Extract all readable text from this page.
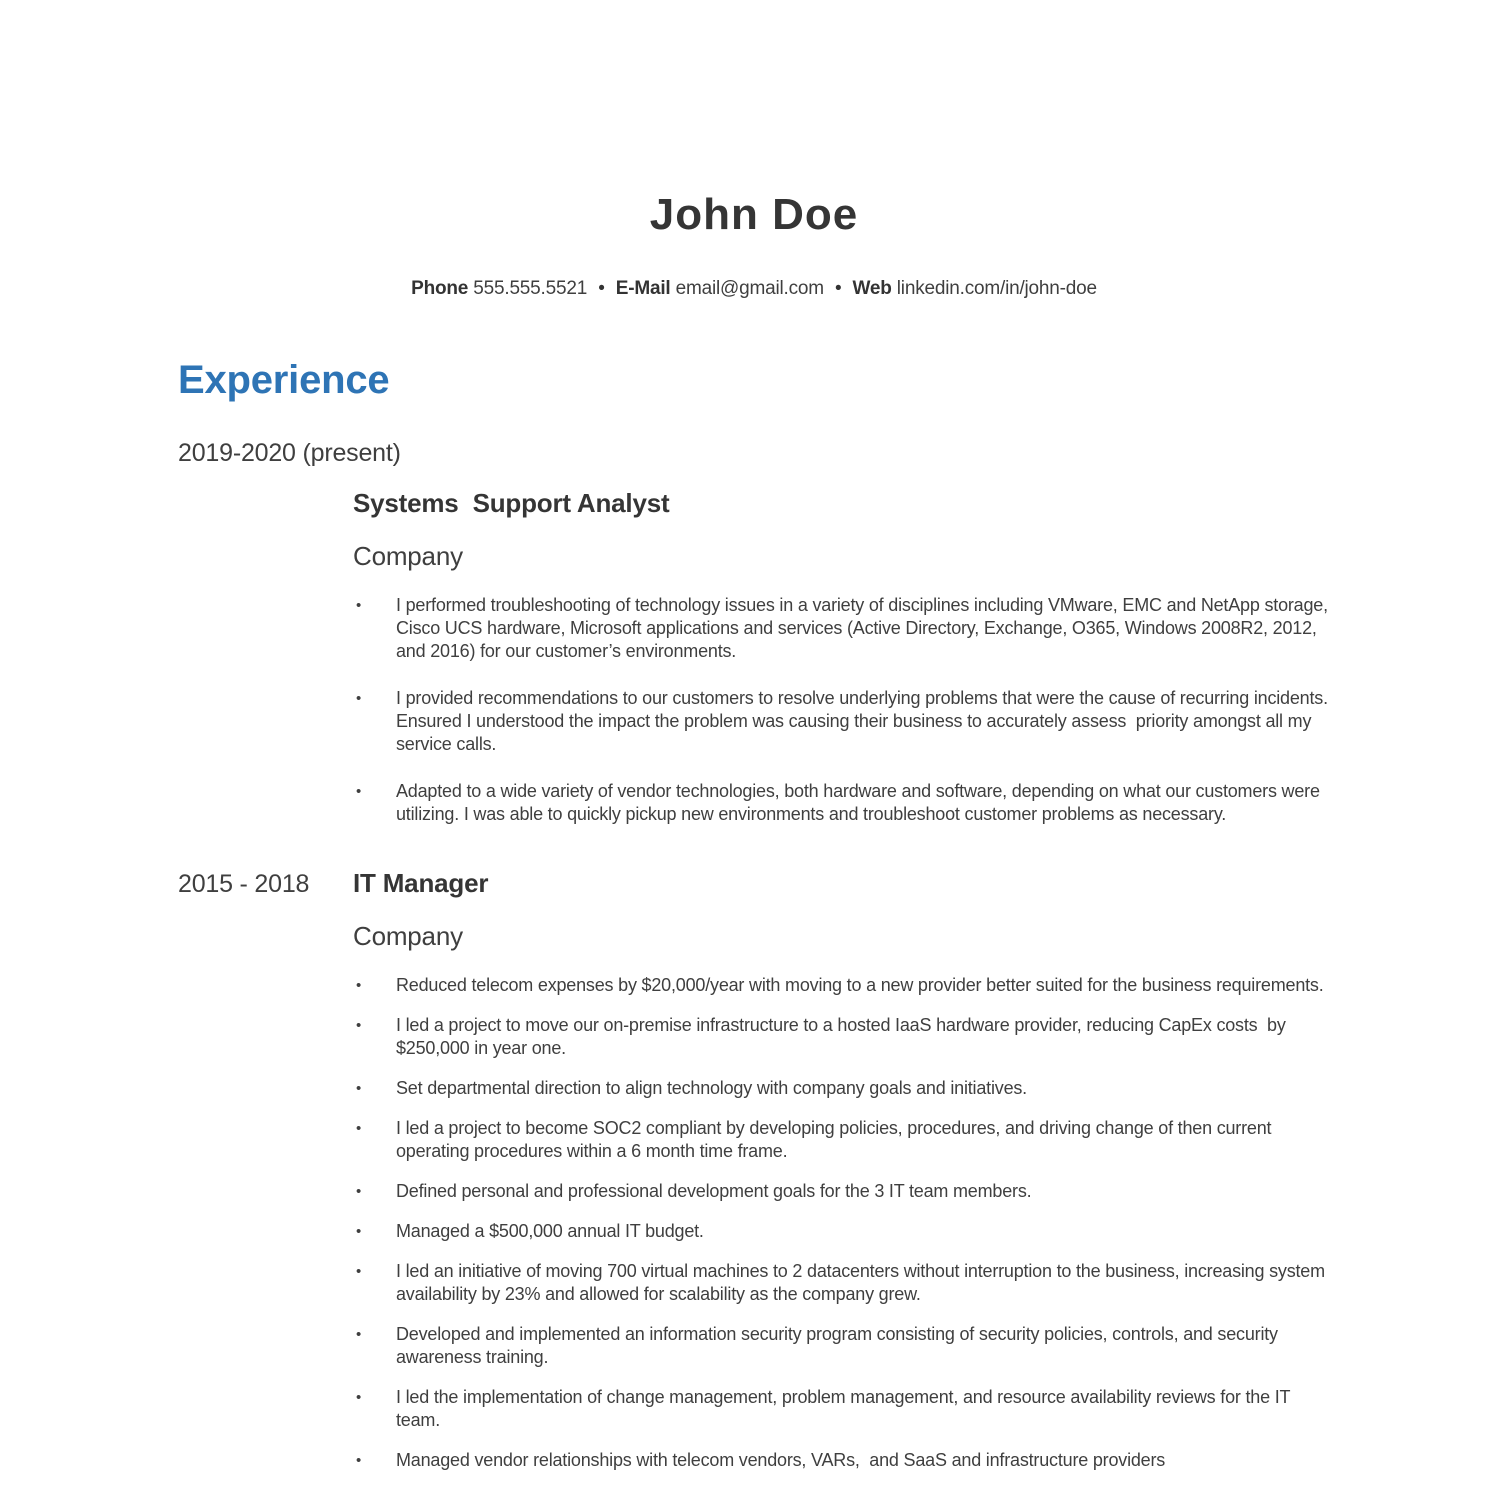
John Doe

Phone 555.555.5521 • E-Mail email@gmail.com • Web linkedin.com/in/john-doe

Experience
2019-2020 (present)
Systems  Support Analyst
Company
•	I performed troubleshooting of technology issues in a variety of disciplines including VMware, EMC and NetApp storage, Cisco UCS hardware, Microsoft applications and services (Active Directory, Exchange, O365, Windows 2008R2, 2012, and 2016) for our customer’s environments.
•	I provided recommendations to our customers to resolve underlying problems that were the cause of recurring incidents. Ensured I understood the impact the problem was causing their business to accurately assess  priority amongst all my service calls.
•	Adapted to a wide variety of vendor technologies, both hardware and software, depending on what our customers were utilizing. I was able to quickly pickup new environments and troubleshoot customer problems as necessary.
2015 - 2018	IT Manager
Company
•	Reduced telecom expenses by $20,000/year with moving to a new provider better suited for the business requirements.
•	I led a project to move our on-premise infrastructure to a hosted IaaS hardware provider, reducing CapEx costs  by $250,000 in year one.
•	Set departmental direction to align technology with company goals and initiatives.
•	I led a project to become SOC2 compliant by developing policies, procedures, and driving change of then current operating procedures within a 6 month time frame.
•	Defined personal and professional development goals for the 3 IT team members.
•	Managed a $500,000 annual IT budget.
•	I led an initiative of moving 700 virtual machines to 2 datacenters without interruption to the business, increasing system availability by 23% and allowed for scalability as the company grew.
•	Developed and implemented an information security program consisting of security policies, controls, and security awareness training.
•	I led the implementation of change management, problem management, and resource availability reviews for the IT team.
•	Managed vendor relationships with telecom vendors, VARs,  and SaaS and infrastructure providers
